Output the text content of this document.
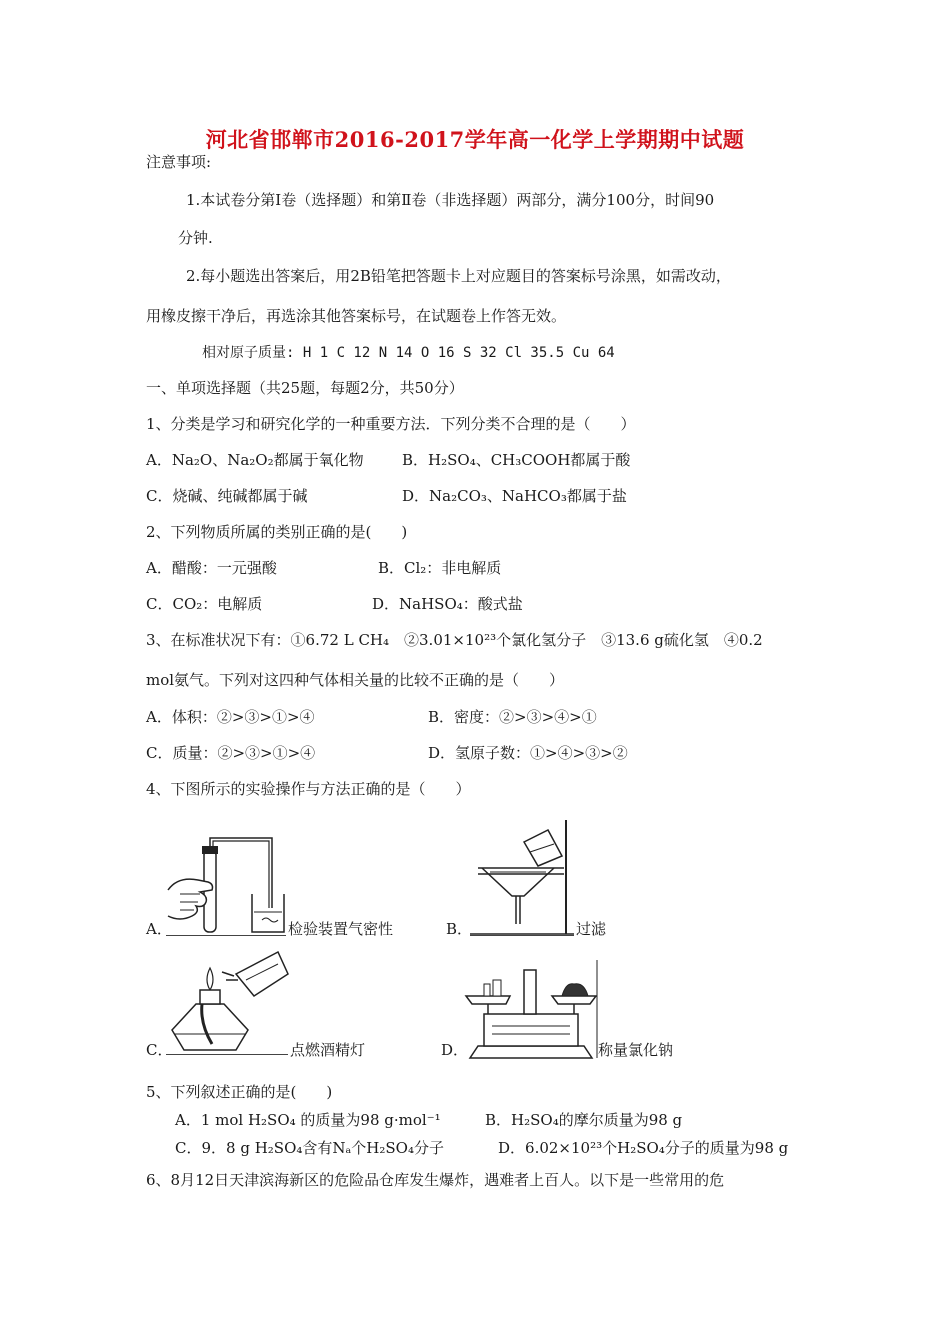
河北省邯郸市2016-2017学年高一化学上学期期中试题
注意事项:
1.本试卷分第Ⅰ卷（选择题）和第Ⅱ卷（非选择题）两部分，满分100分，时间90
分钟.
2.每小题选出答案后，用2B铅笔把答题卡上对应题目的答案标号涂黑，如需改动，
用橡皮擦干净后，再选涂其他答案标号，在试题卷上作答无效。
相对原子质量: H 1 C 12 N 14 O 16 S 32 Cl 35.5 Cu 64
一、单项选择题（共25题，每题2分，共50分）
1、分类是学习和研究化学的一种重要方法．下列分类不合理的是（　　）
A．Na₂O、Na₂O₂都属于氧化物	B．H₂SO₄、CH₃COOH都属于酸
C．烧碱、纯碱都属于碱	D．Na₂CO₃、NaHCO₃都属于盐
2、下列物质所属的类别正确的是(　　)
A．醋酸：一元强酸	B．Cl₂：非电解质
C．CO₂：电解质	D．NaHSO₄：酸式盐
3、在标准状况下有：①6.72 L CH₄　②3.01×10²³个氯化氢分子　③13.6 g硫化氢　④0.2
mol氨气。下列对这四种气体相关量的比较不正确的是（　　）
A．体积：②>③>①>④	B．密度：②>③>④>①
C．质量：②>③>①>④	D．氢原子数：①>④>③>②
4、下图所示的实验操作与方法正确的是（　　）
A．	检验装置气密性	B．	过滤
C．	点燃酒精灯	D．	称量氯化钠
5、下列叙述正确的是(　　)
A．1 mol H₂SO₄ 的质量为98 g·mol⁻¹	B．H₂SO₄的摩尔质量为98 g
C．9．8 g H₂SO₄含有Nₐ个H₂SO₄分子	D．6.02×10²³个H₂SO₄分子的质量为98 g
6、8月12日天津滨海新区的危险品仓库发生爆炸，遇难者上百人。以下是一些常用的危
